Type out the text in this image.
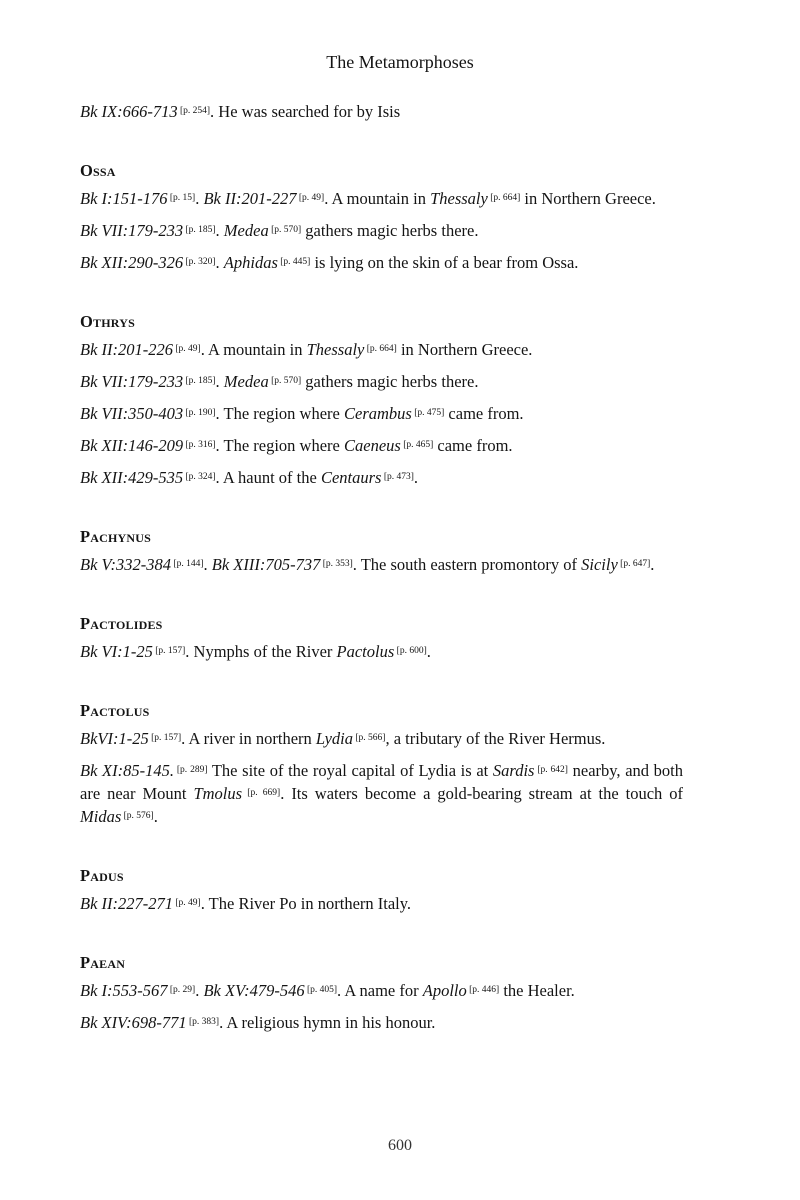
The Metamorphoses

Bk IX:666-713 [p. 254]. He was searched for by Isis

Ossa

Bk I:151-176 [p. 15]. Bk II:201-227 [p. 49]. A mountain in Thessaly [p. 664] in Northern Greece.

Bk VII:179-233 [p. 185]. Medea [p. 570] gathers magic herbs there.

Bk XII:290-326 [p. 320]. Aphidas [p. 445] is lying on the skin of a bear from Ossa.

Othrys

Bk II:201-226 [p. 49]. A mountain in Thessaly [p. 664] in Northern Greece.

Bk VII:179-233 [p. 185]. Medea [p. 570] gathers magic herbs there.

Bk VII:350-403 [p. 190]. The region where Cerambus [p. 475] came from.

Bk XII:146-209 [p. 316]. The region where Caeneus [p. 465] came from.

Bk XII:429-535 [p. 324]. A haunt of the Centaurs [p. 473].

Pachynus

Bk V:332-384 [p. 144]. Bk XIII:705-737 [p. 353]. The south eastern promontory of Sicily [p. 647].

Pactolides

Bk VI:1-25 [p. 157]. Nymphs of the River Pactolus [p. 600].

Pactolus

BkVI:1-25 [p. 157]. A river in northern Lydia [p. 566], a tributary of the River Hermus.

Bk XI:85-145. [p. 289] The site of the royal capital of Lydia is at Sardis [p. 642] nearby, and both are near Mount Tmolus [p. 669]. Its waters become a gold-bearing stream at the touch of Midas [p. 576].

Padus

Bk II:227-271 [p. 49]. The River Po in northern Italy.

Paean

Bk I:553-567 [p. 29]. Bk XV:479-546 [p. 405]. A name for Apollo [p. 446] the Healer.

Bk XIV:698-771 [p. 383]. A religious hymn in his honour.

600
